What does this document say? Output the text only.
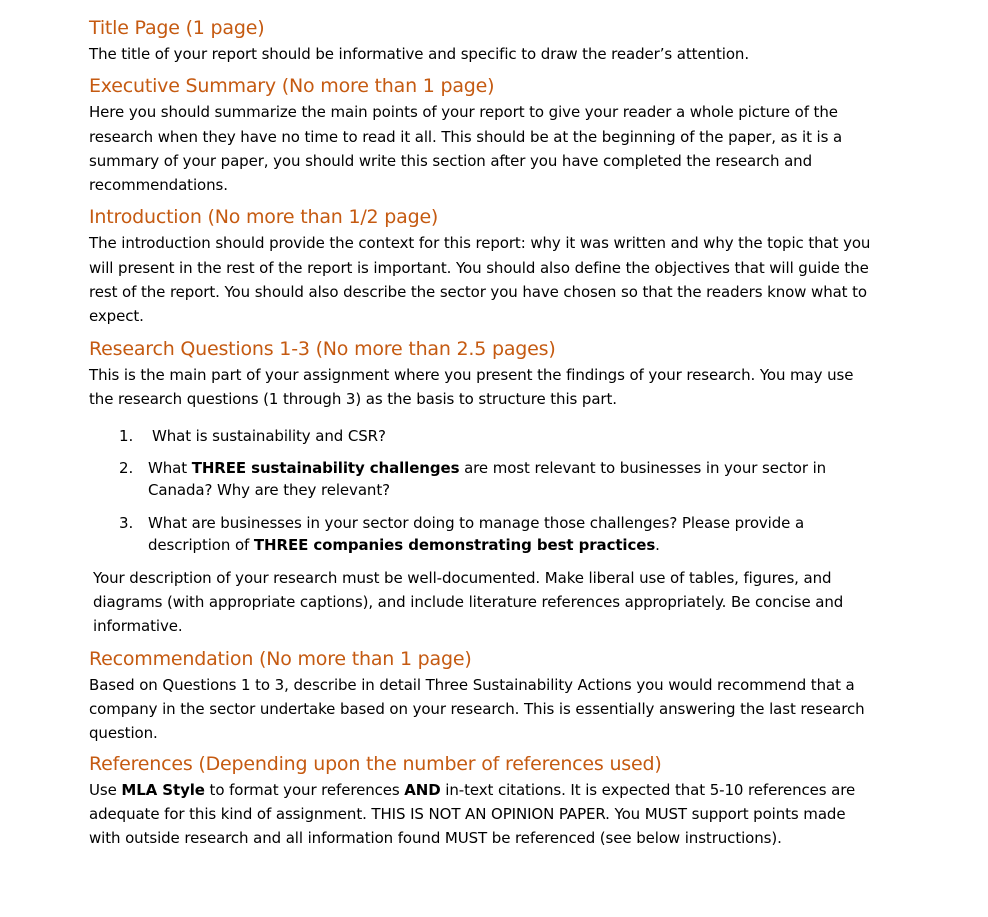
Title Page (1 page)

The title of your report should be informative and specific to draw the reader’s attention.

Executive Summary (No more than 1 page)

Here you should summarize the main points of your report to give your reader a whole picture of the research when they have no time to read it all. This should be at the beginning of the paper, as it is a summary of your paper, you should write this section after you have completed the research and recommendations.

Introduction (No more than 1/2 page)

The introduction should provide the context for this report: why it was written and why the topic that you will present in the rest of the report is important. You should also define the objectives that will guide the rest of the report. You should also describe the sector you have chosen so that the readers know what to expect.

Research Questions 1-3 (No more than 2.5 pages)

This is the main part of your assignment where you present the findings of your research. You may use the research questions (1 through 3) as the basis to structure this part.

1. What is sustainability and CSR?
2. What THREE sustainability challenges are most relevant to businesses in your sector in Canada? Why are they relevant?
3. What are businesses in your sector doing to manage those challenges? Please provide a description of THREE companies demonstrating best practices.

Your description of your research must be well-documented. Make liberal use of tables, figures, and diagrams (with appropriate captions), and include literature references appropriately. Be concise and informative.

Recommendation (No more than 1 page)

Based on Questions 1 to 3, describe in detail Three Sustainability Actions you would recommend that a company in the sector undertake based on your research. This is essentially answering the last research question.

References (Depending upon the number of references used)

Use MLA Style to format your references AND in-text citations. It is expected that 5-10 references are adequate for this kind of assignment. THIS IS NOT AN OPINION PAPER. You MUST support points made with outside research and all information found MUST be referenced (see below instructions).
